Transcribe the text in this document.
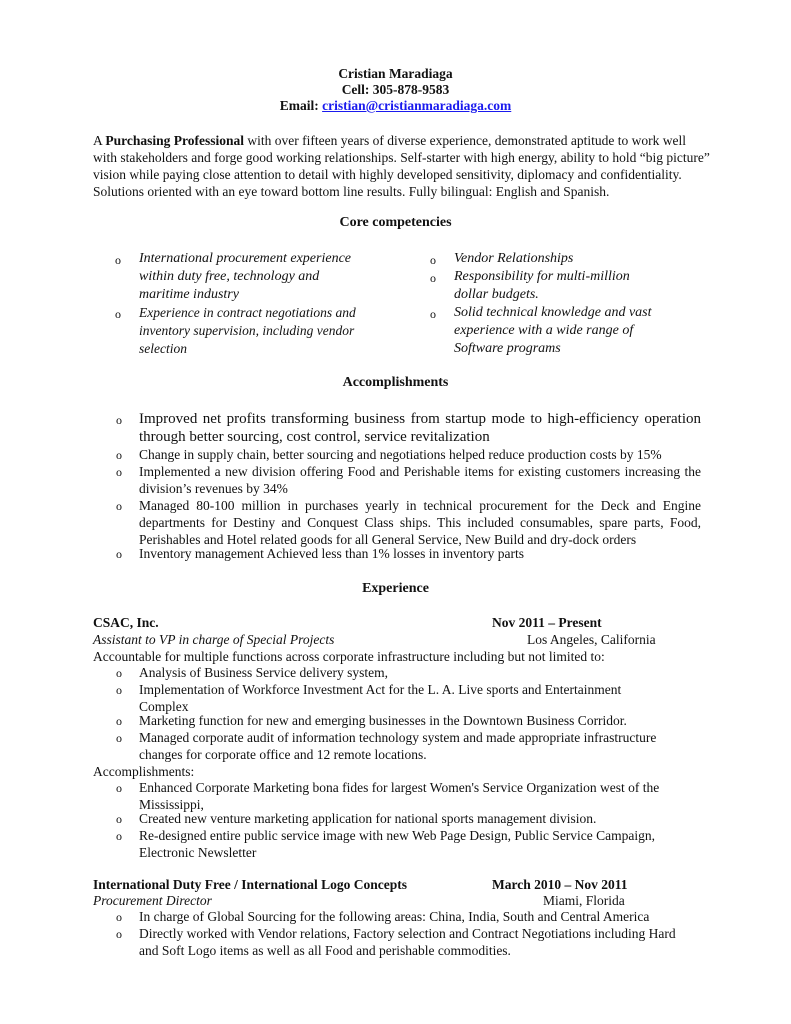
Cristian Maradiaga
Cell: 305-878-9583
Email: cristian@cristianmaradiaga.com
A Purchasing Professional with over fifteen years of diverse experience, demonstrated aptitude to work well with stakeholders and forge good working relationships. Self-starter with high energy, ability to hold “big picture” vision while paying close attention to detail with highly developed sensitivity, diplomacy and confidentiality. Solutions oriented with an eye toward bottom line results. Fully bilingual: English and Spanish.
Core competencies
o International procurement experience within duty free, technology and maritime industry
o Experience in contract negotiations and inventory supervision, including vendor selection
o Vendor Relationships
o Responsibility for multi-million dollar budgets.
o Solid technical knowledge and vast experience with a wide range of Software programs
Accomplishments
o Improved net profits transforming business from startup mode to high-efficiency operation through better sourcing, cost control, service revitalization
o Change in supply chain, better sourcing and negotiations helped reduce production costs by 15%
o Implemented a new division offering Food and Perishable items for existing customers increasing the division’s revenues by 34%
o Managed 80-100 million in purchases yearly in technical procurement for the Deck and Engine departments for Destiny and Conquest Class ships. This included consumables, spare parts, Food, Perishables and Hotel related goods for all General Service, New Build and dry-dock orders
o Inventory management Achieved less than 1% losses in inventory parts
Experience
CSAC, Inc.	Nov 2011 – Present
Assistant to VP in charge of Special Projects	Los Angeles, California
Accountable for multiple functions across corporate infrastructure including but not limited to:
o Analysis of Business Service delivery system,
o Implementation of Workforce Investment Act for the L. A. Live sports and Entertainment Complex
o Marketing function for new and emerging businesses in the Downtown Business Corridor.
o Managed corporate audit of information technology system and made appropriate infrastructure changes for corporate office and 12 remote locations.
Accomplishments:
o Enhanced Corporate Marketing bona fides for largest Women's Service Organization west of the Mississippi,
o Created new venture marketing application for national sports management division.
o Re-designed entire public service image with new Web Page Design, Public Service Campaign, Electronic Newsletter
International Duty Free / International Logo Concepts	March 2010 – Nov 2011
Procurement Director	Miami, Florida
o In charge of Global Sourcing for the following areas: China, India, South and Central America
o Directly worked with Vendor relations, Factory selection and Contract Negotiations including Hard and Soft Logo items as well as all Food and perishable commodities.
